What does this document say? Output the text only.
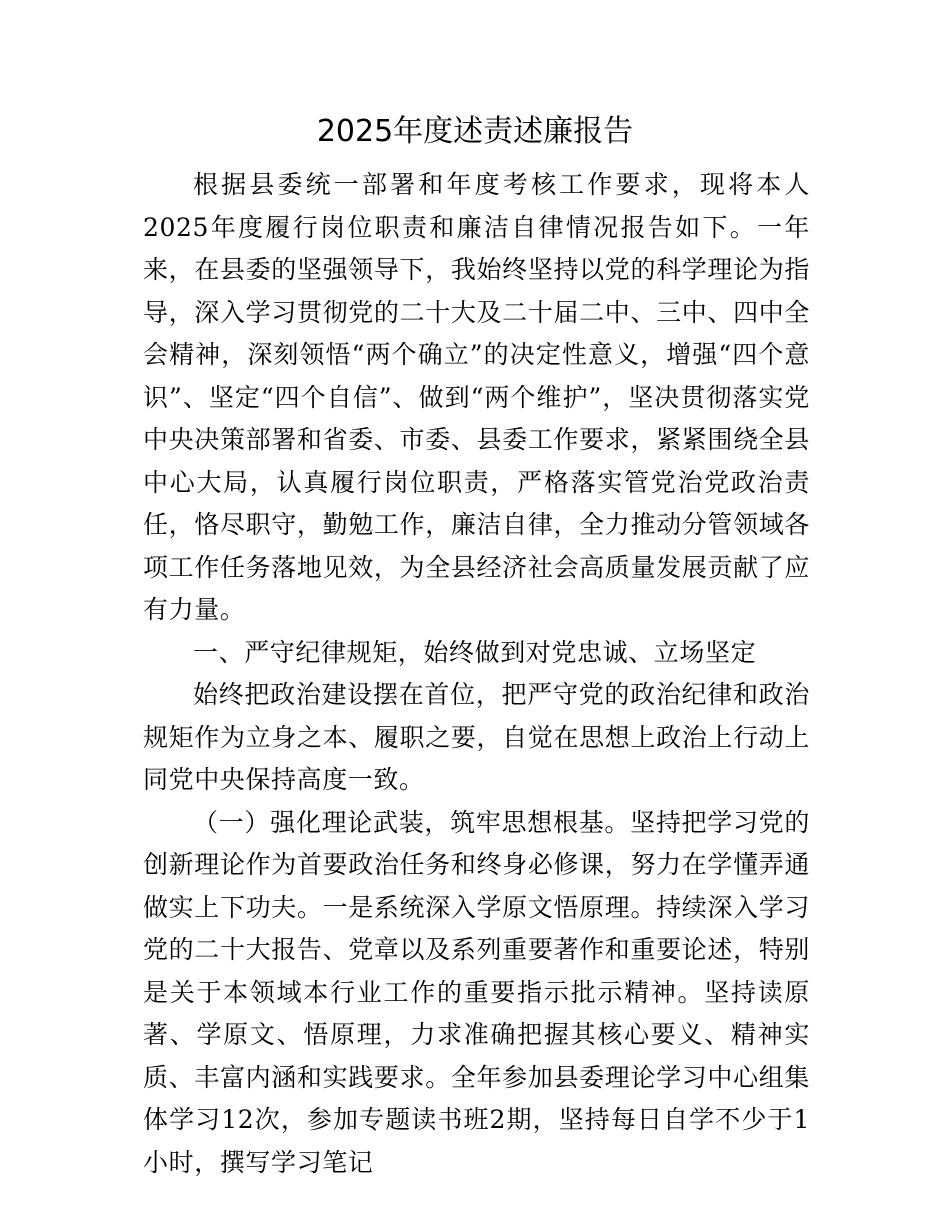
2025年度述责述廉报告

根据县委统一部署和年度考核工作要求，现将本人2025年度履行岗位职责和廉洁自律情况报告如下。一年来，在县委的坚强领导下，我始终坚持以党的科学理论为指导，深入学习贯彻党的二十大及二十届二中、三中、四中全会精神，深刻领悟“两个确立”的决定性意义，增强“四个意识”、坚定“四个自信”、做到“两个维护”，坚决贯彻落实党中央决策部署和省委、市委、县委工作要求，紧紧围绕全县中心大局，认真履行岗位职责，严格落实管党治党政治责任，恪尽职守，勤勉工作，廉洁自律，全力推动分管领域各项工作任务落地见效，为全县经济社会高质量发展贡献了应有力量。

一、严守纪律规矩，始终做到对党忠诚、立场坚定

始终把政治建设摆在首位，把严守党的政治纪律和政治规矩作为立身之本、履职之要，自觉在思想上政治上行动上同党中央保持高度一致。

（一）强化理论武装，筑牢思想根基。坚持把学习党的创新理论作为首要政治任务和终身必修课，努力在学懂弄通做实上下功夫。一是系统深入学原文悟原理。持续深入学习党的二十大报告、党章以及系列重要著作和重要论述，特别是关于本领域本行业工作的重要指示批示精神。坚持读原著、学原文、悟原理，力求准确把握其核心要义、精神实质、丰富内涵和实践要求。全年参加县委理论学习中心组集体学习12次，参加专题读书班2期，坚持每日自学不少于1小时，撰写学习笔记
